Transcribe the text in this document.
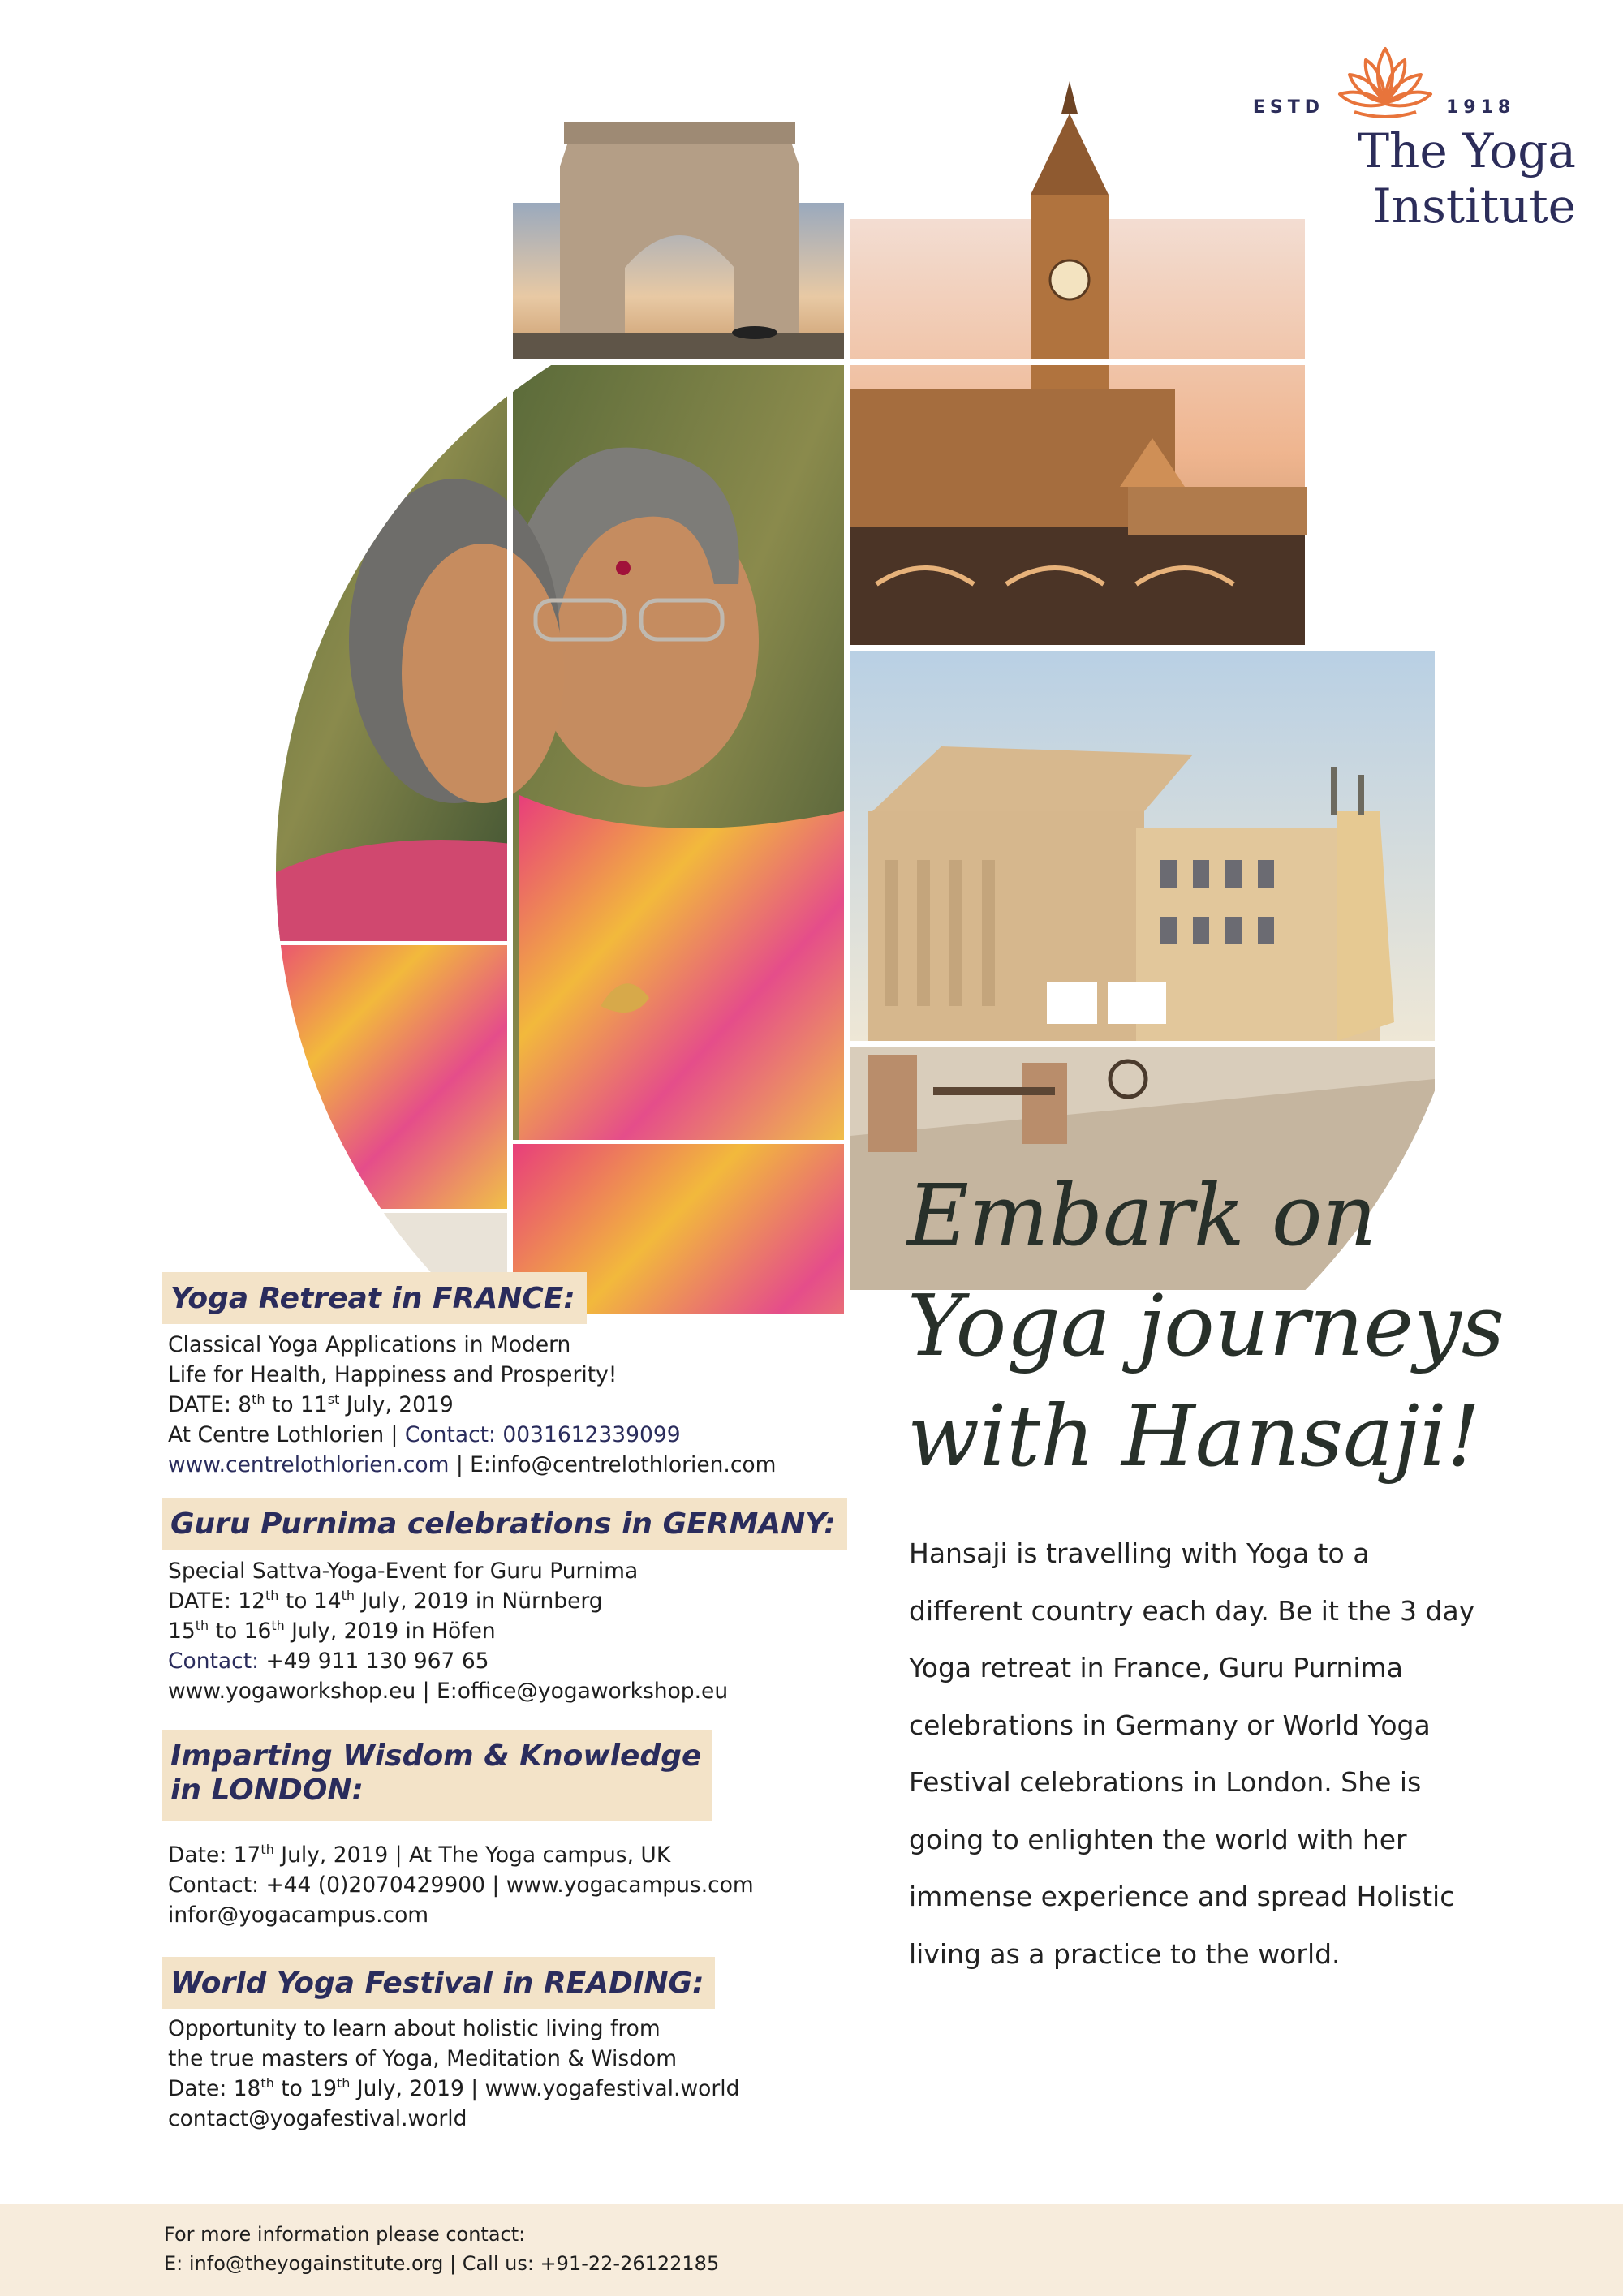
ESTD	1918
The Yoga Institute
Embark on
Yoga journeys
with Hansaji!
Hansaji is travelling with Yoga to a
different country each day. Be it the 3 day
Yoga retreat in France, Guru Purnima
celebrations in Germany or World Yoga
Festival celebrations in London. She is
going to enlighten the world with her
immense experience and spread Holistic
living as a practice to the world.
Yoga Retreat in FRANCE:
Classical Yoga Applications in Modern
Life for Health, Happiness and Prosperity!
DATE: 8th to 11st July, 2019
At Centre Lothlorien | Contact: 0031612339099
www.centrelothlorien.com | E:info@centrelothlorien.com
Guru Purnima celebrations in GERMANY:
Special Sattva-Yoga-Event for Guru Purnima
DATE: 12th to 14th July, 2019 in Nürnberg
15th to 16th July, 2019 in Höfen
Contact: +49 911 130 967 65
www.yogaworkshop.eu | E:office@yogaworkshop.eu
Imparting Wisdom & Knowledge
in LONDON:
Date: 17th July, 2019 | At The Yoga campus, UK
Contact: +44 (0)2070429900 | www.yogacampus.com
infor@yogacampus.com
World Yoga Festival in READING:
Opportunity to learn about holistic living from
the true masters of Yoga, Meditation & Wisdom
Date: 18th to 19th July, 2019 | www.yogafestival.world
contact@yogafestival.world
For more information please contact:
E: info@theyogainstitute.org | Call us: +91-22-26122185
